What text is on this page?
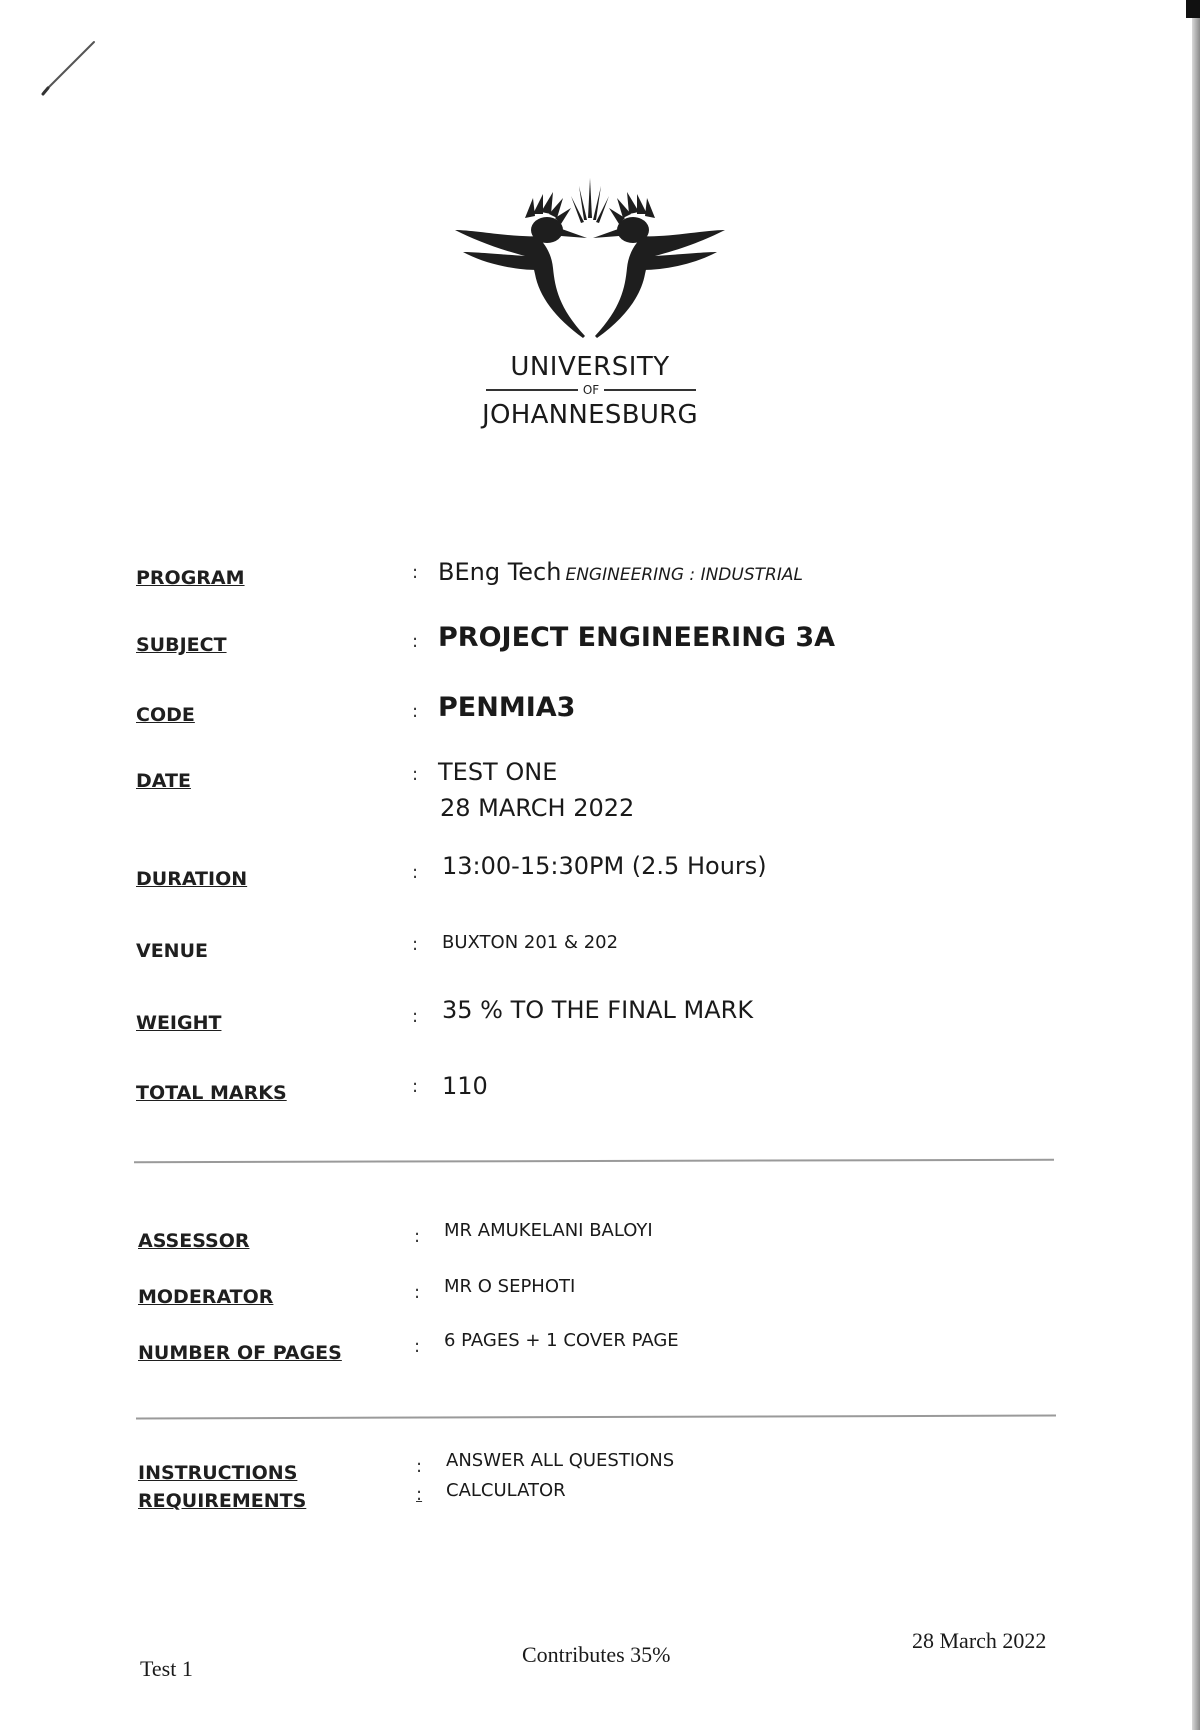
UNIVERSITY
OF
JOHANNESBURG
PROGRAM	: BEng Tech ENGINEERING : INDUSTRIAL
SUBJECT	: PROJECT ENGINEERING 3A
CODE	: PENMIA3
DATE	: TEST ONE
28 MARCH 2022
DURATION	: 13:00-15:30PM (2.5 Hours)
VENUE	: BUXTON 201 & 202
WEIGHT	: 35 % TO THE FINAL MARK
TOTAL MARKS	: 110
ASSESSOR	: MR AMUKELANI BALOYI
MODERATOR	: MR O SEPHOTI
NUMBER OF PAGES	: 6 PAGES + 1 COVER PAGE
INSTRUCTIONS	: ANSWER ALL QUESTIONS
REQUIREMENTS	: CALCULATOR
Test 1
Contributes 35%
28 March 2022
